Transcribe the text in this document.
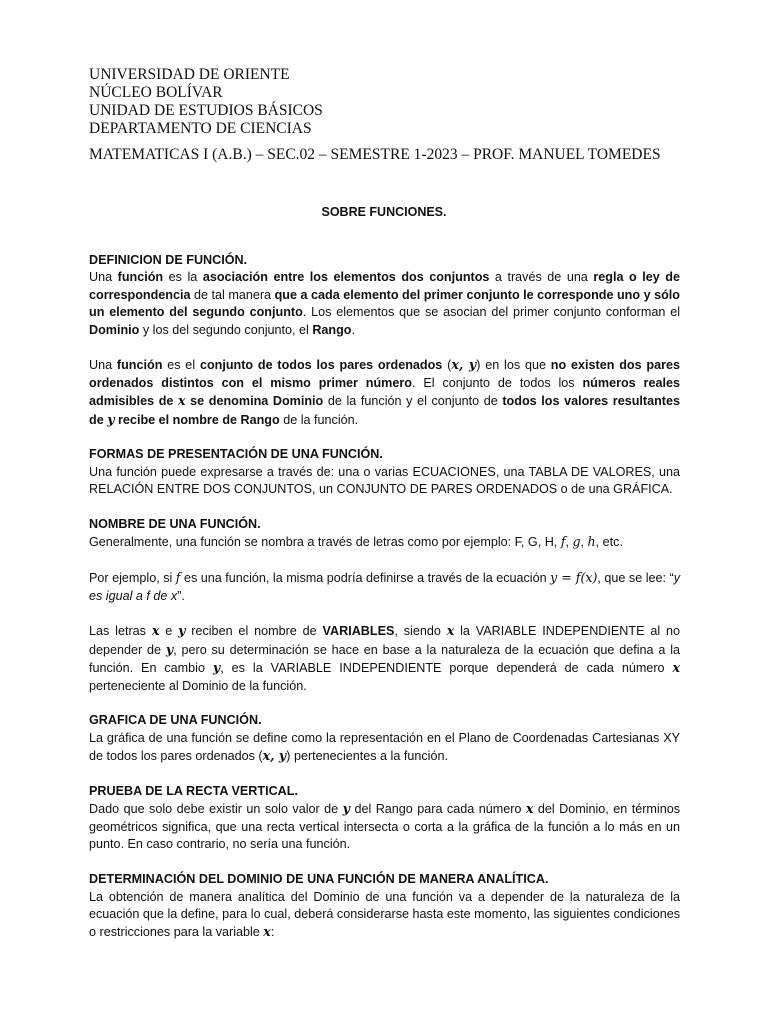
UNIVERSIDAD DE ORIENTE
NÚCLEO BOLÍVAR
UNIDAD DE ESTUDIOS BÁSICOS
DEPARTAMENTO DE CIENCIAS
MATEMATICAS I (A.B.) – SEC.02 – SEMESTRE 1-2023 – PROF. MANUEL TOMEDES
SOBRE FUNCIONES.
DEFINICION DE FUNCIÓN.

Una función es la asociación entre los elementos dos conjuntos a través de una regla o ley de correspondencia de tal manera que a cada elemento del primer conjunto le corresponde uno y sólo un elemento del segundo conjunto. Los elementos que se asocian del primer conjunto conforman el Dominio y los del segundo conjunto, el Rango.

Una función es el conjunto de todos los pares ordenados (x, y) en los que no existen dos pares ordenados distintos con el mismo primer número. El conjunto de todos los números reales admisibles de x se denomina Dominio de la función y el conjunto de todos los valores resultantes de y recibe el nombre de Rango de la función.

FORMAS DE PRESENTACIÓN DE UNA FUNCIÓN.

Una función puede expresarse a través de: una o varias ECUACIONES, una TABLA DE VALORES, una RELACIÓN ENTRE DOS CONJUNTOS, un CONJUNTO DE PARES ORDENADOS o de una GRÁFICA.

NOMBRE DE UNA FUNCIÓN.

Generalmente, una función se nombra a través de letras como por ejemplo: F, G, H, f, g, h, etc.

Por ejemplo, si f es una función, la misma podría definirse a través de la ecuación y = f(x), que se lee: “y es igual a f de x”.

Las letras x e y reciben el nombre de VARIABLES, siendo x la VARIABLE INDEPENDIENTE al no depender de y, pero su determinación se hace en base a la naturaleza de la ecuación que defina a la función. En cambio y, es la VARIABLE INDEPENDIENTE porque dependerá de cada número x perteneciente al Dominio de la función.

GRAFICA DE UNA FUNCIÓN.

La gráfica de una función se define como la representación en el Plano de Coordenadas Cartesianas XY de todos los pares ordenados (x, y) pertenecientes a la función.

PRUEBA DE LA RECTA VERTICAL.

Dado que solo debe existir un solo valor de y del Rango para cada número x del Dominio, en términos geométricos significa, que una recta vertical intersecta o corta a la gráfica de la función a lo más en un punto. En caso contrario, no sería una función.

DETERMINACIÓN DEL DOMINIO DE UNA FUNCIÓN DE MANERA ANALÍTICA.

La obtención de manera analítica del Dominio de una función va a depender de la naturaleza de la ecuación que la define, para lo cual, deberá considerarse hasta este momento, las siguientes condiciones o restricciones para la variable x:
